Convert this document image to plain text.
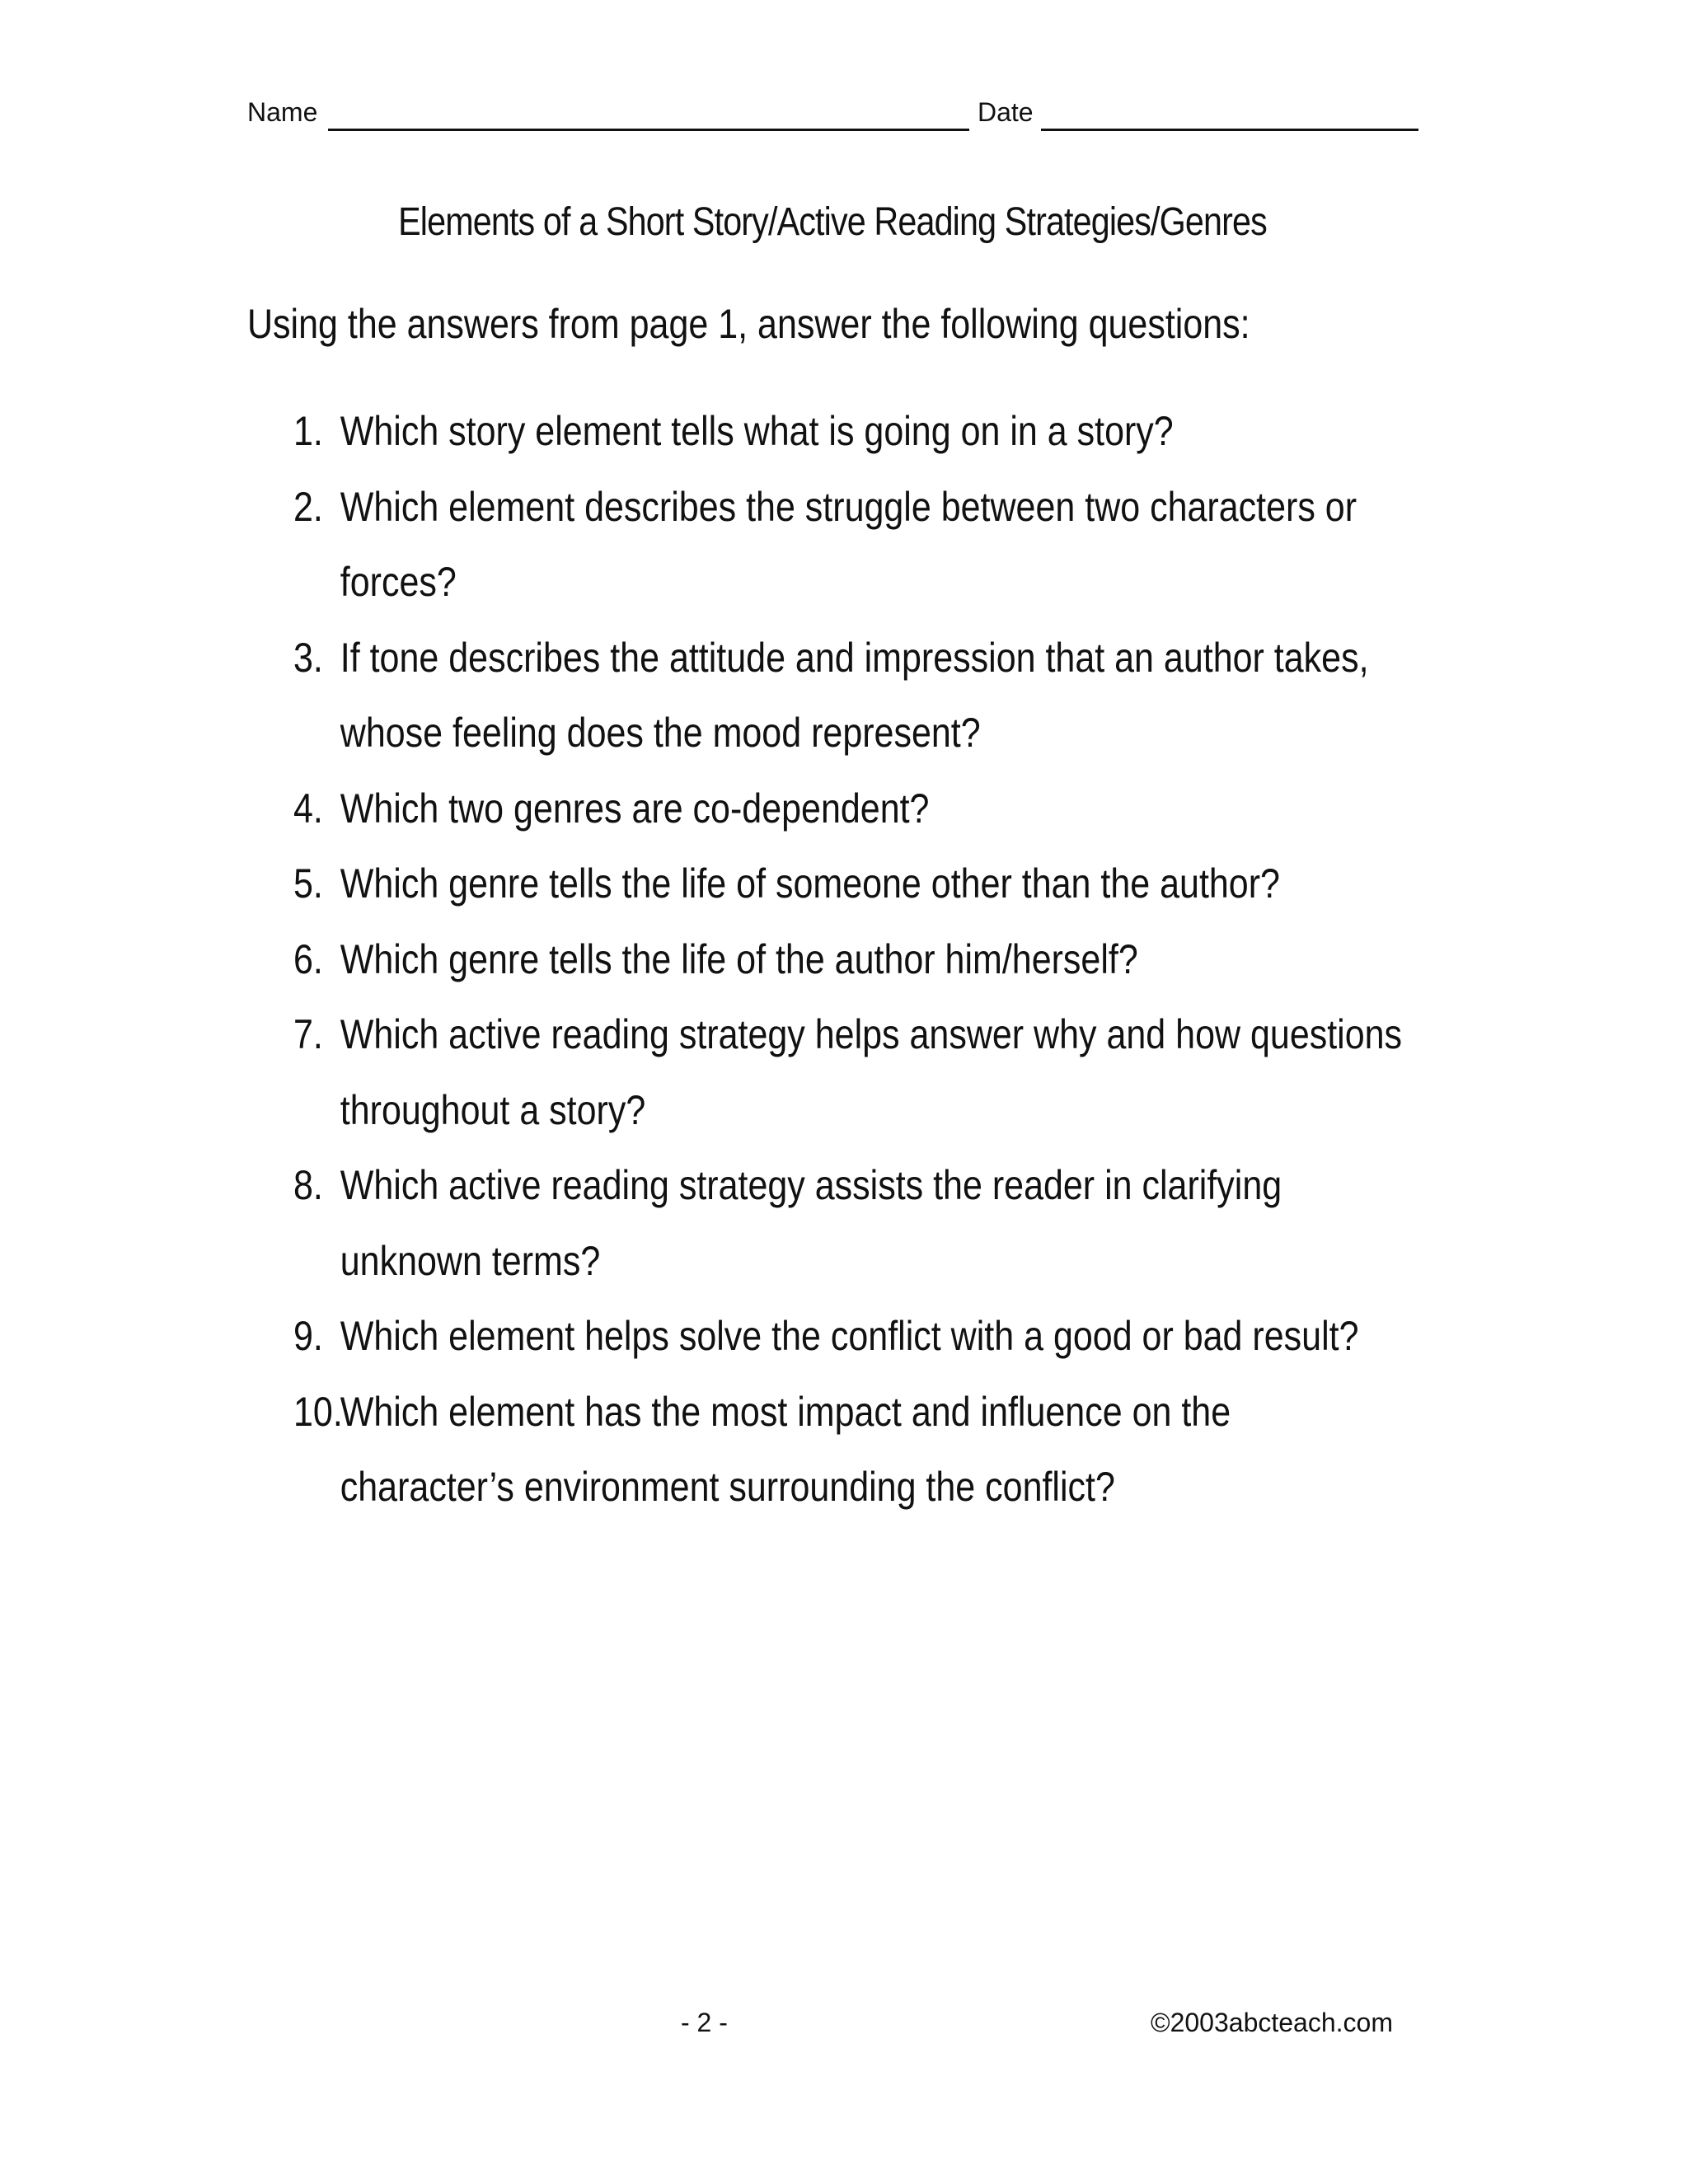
Name	Date
Elements of a Short Story/Active Reading Strategies/Genres
Using the answers from page 1, answer the following questions:
1. Which story element tells what is going on in a story?
2. Which element describes the struggle between two characters or
forces?
3. If tone describes the attitude and impression that an author takes,
whose feeling does the mood represent?
4. Which two genres are co-dependent?
5. Which genre tells the life of someone other than the author?
6. Which genre tells the life of the author him/herself?
7. Which active reading strategy helps answer why and how questions
throughout a story?
8. Which active reading strategy assists the reader in clarifying
unknown terms?
9. Which element helps solve the conflict with a good or bad result?
10.
Which element has the most impact and influence on the
character’s environment surrounding the conflict?
- 2 -	©2003abcteach.com
